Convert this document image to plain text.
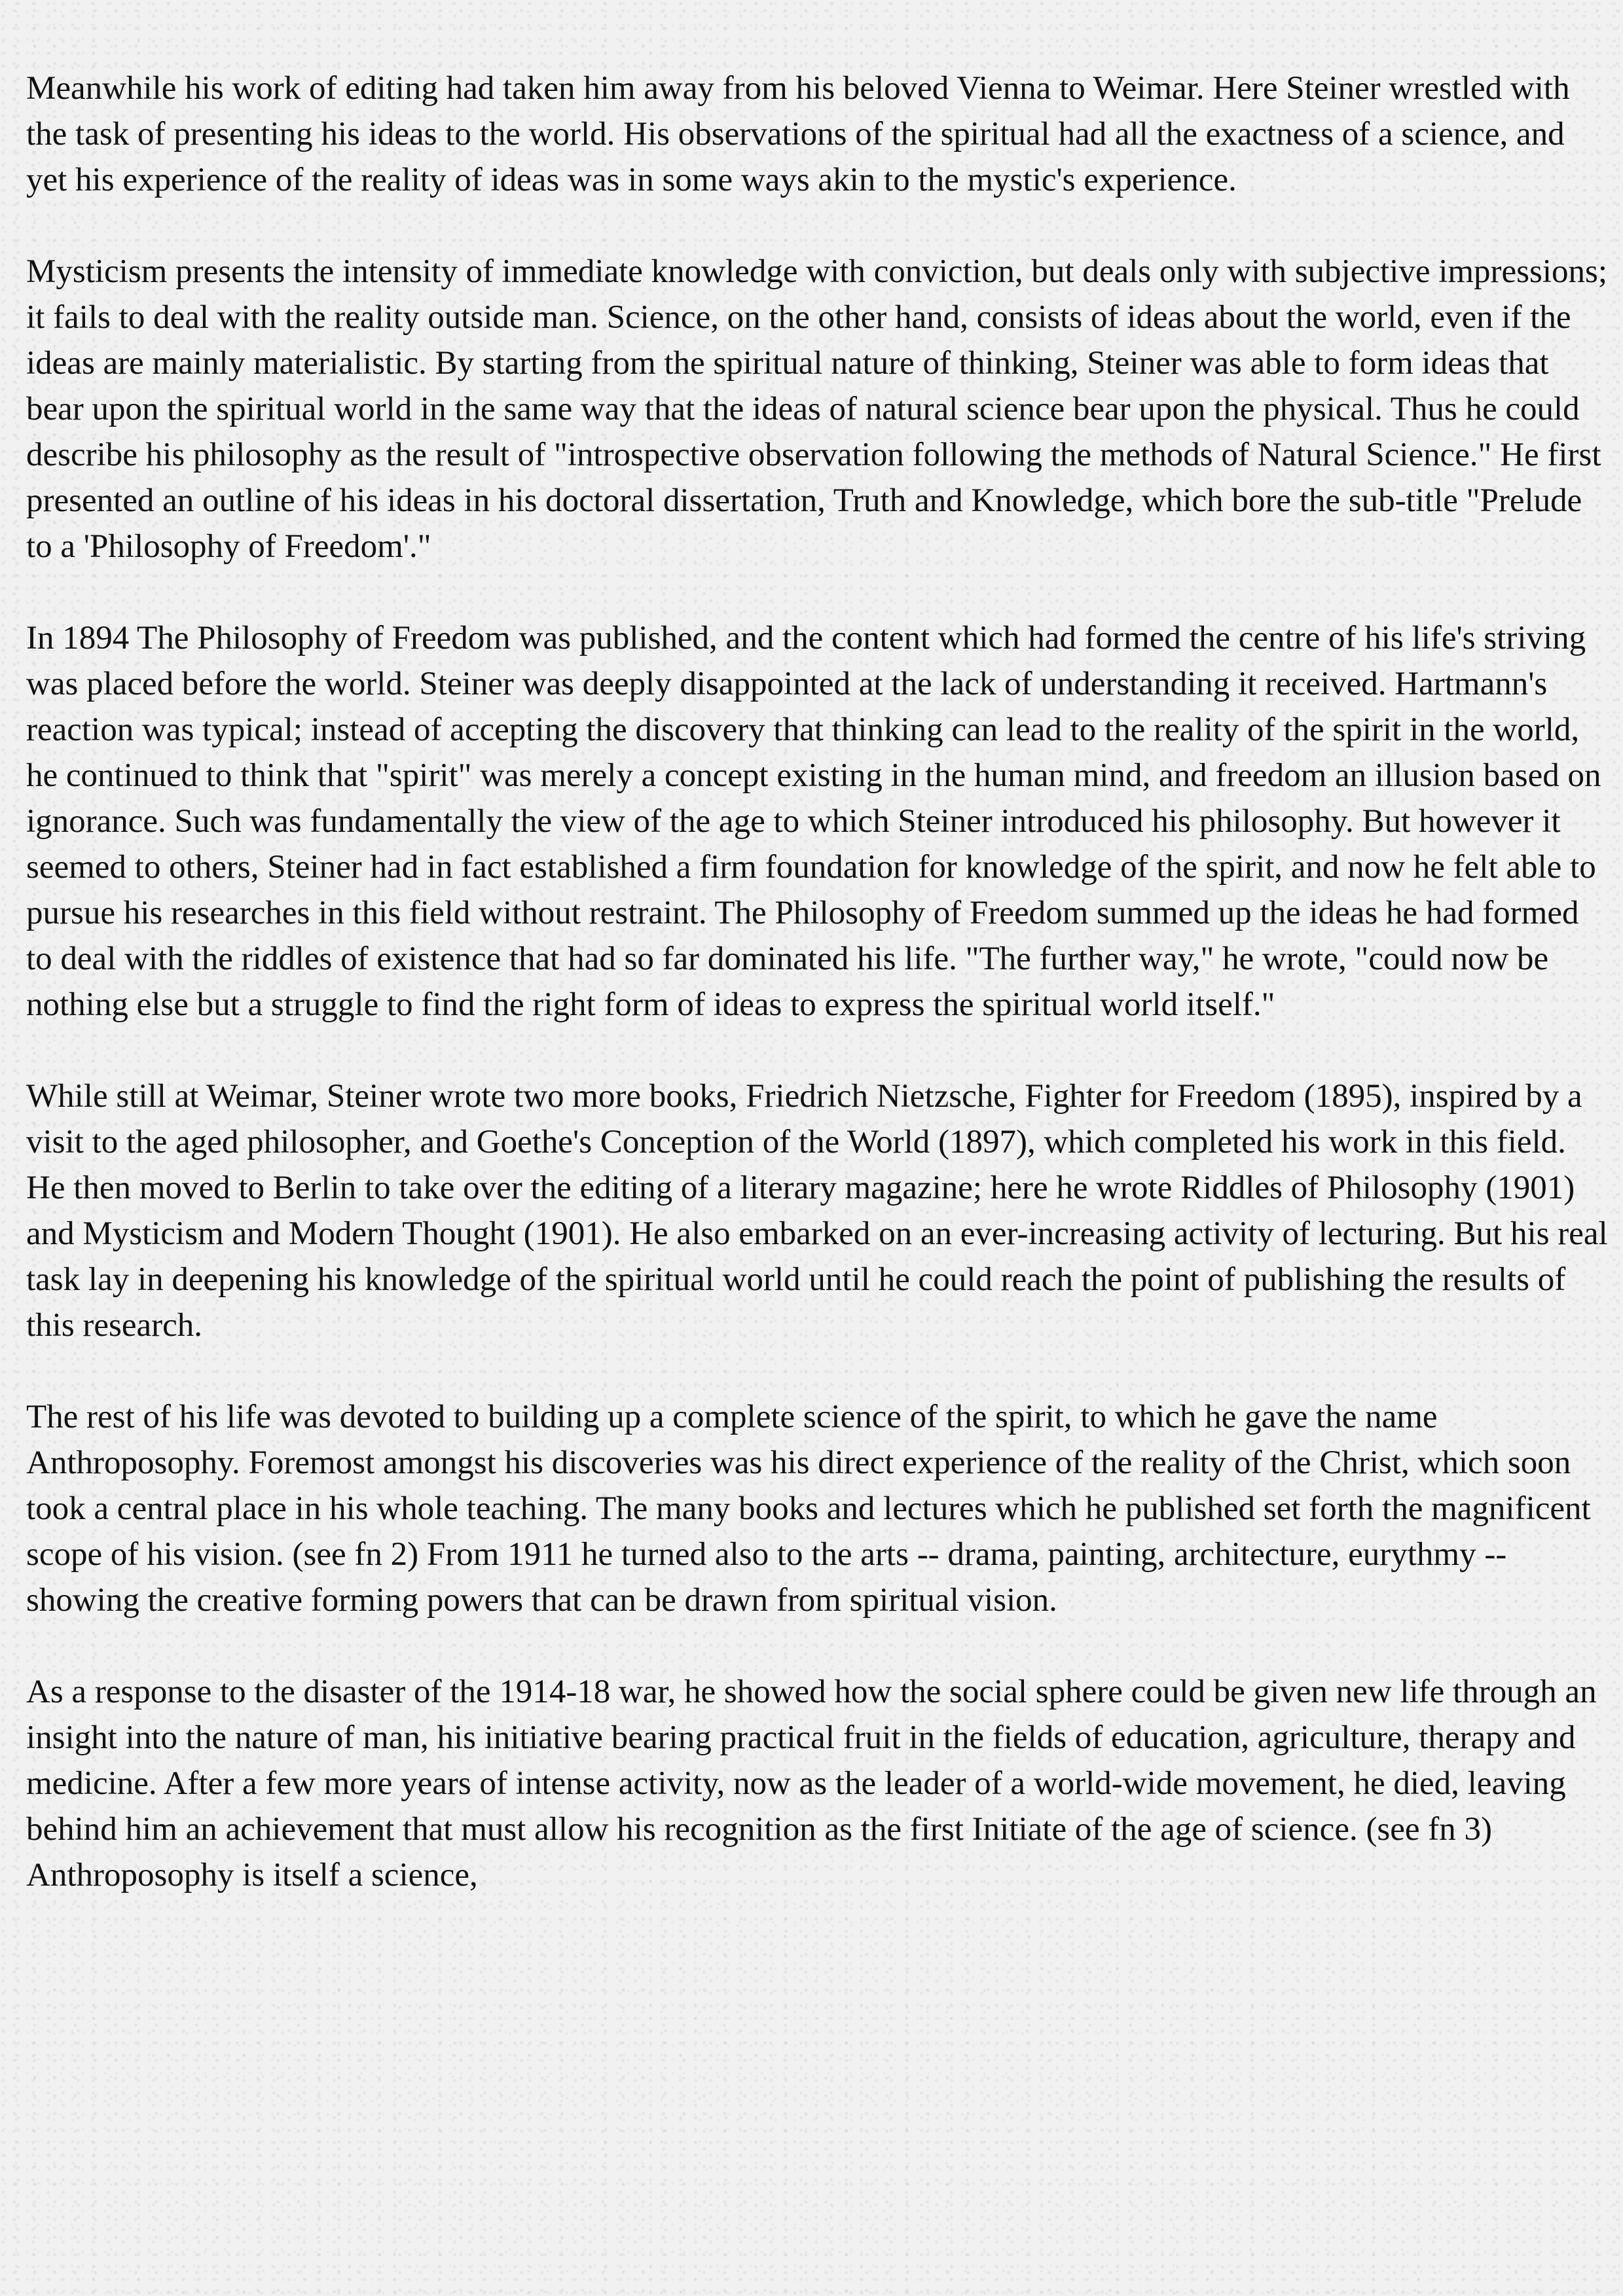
Meanwhile his work of editing had taken him away from his beloved Vienna to Weimar. Here Steiner wrestled with the task of presenting his ideas to the world. His observations of the spiritual had all the exactness of a science, and yet his experience of the reality of ideas was in some ways akin to the mystic's experience.

Mysticism presents the intensity of immediate knowledge with conviction, but deals only with subjective impressions; it fails to deal with the reality outside man. Science, on the other hand, consists of ideas about the world, even if the ideas are mainly materialistic. By starting from the spiritual nature of thinking, Steiner was able to form ideas that bear upon the spiritual world in the same way that the ideas of natural science bear upon the physical. Thus he could describe his philosophy as the result of "introspective observation following the methods of Natural Science." He first presented an outline of his ideas in his doctoral dissertation, Truth and Knowledge, which bore the sub-title "Prelude to a 'Philosophy of Freedom'."

In 1894 The Philosophy of Freedom was published, and the content which had formed the centre of his life's striving was placed before the world. Steiner was deeply disappointed at the lack of understanding it received. Hartmann's reaction was typical; instead of accepting the discovery that thinking can lead to the reality of the spirit in the world, he continued to think that "spirit" was merely a concept existing in the human mind, and freedom an illusion based on ignorance. Such was fundamentally the view of the age to which Steiner introduced his philosophy. But however it seemed to others, Steiner had in fact established a firm foundation for knowledge of the spirit, and now he felt able to pursue his researches in this field without restraint. The Philosophy of Freedom summed up the ideas he had formed to deal with the riddles of existence that had so far dominated his life. "The further way," he wrote, "could now be nothing else but a struggle to find the right form of ideas to express the spiritual world itself."

While still at Weimar, Steiner wrote two more books, Friedrich Nietzsche, Fighter for Freedom (1895), inspired by a visit to the aged philosopher, and Goethe's Conception of the World (1897), which completed his work in this field. He then moved to Berlin to take over the editing of a literary magazine; here he wrote Riddles of Philosophy (1901) and Mysticism and Modern Thought (1901). He also embarked on an ever-increasing activity of lecturing. But his real task lay in deepening his knowledge of the spiritual world until he could reach the point of publishing the results of this research.

The rest of his life was devoted to building up a complete science of the spirit, to which he gave the name Anthroposophy. Foremost amongst his discoveries was his direct experience of the reality of the Christ, which soon took a central place in his whole teaching. The many books and lectures which he published set forth the magnificent scope of his vision. (see fn 2) From 1911 he turned also to the arts -- drama, painting, architecture, eurythmy -- showing the creative forming powers that can be drawn from spiritual vision.

As a response to the disaster of the 1914-18 war, he showed how the social sphere could be given new life through an insight into the nature of man, his initiative bearing practical fruit in the fields of education, agriculture, therapy and medicine. After a few more years of intense activity, now as the leader of a world-wide movement, he died, leaving behind him an achievement that must allow his recognition as the first Initiate of the age of science. (see fn 3) Anthroposophy is itself a science,
